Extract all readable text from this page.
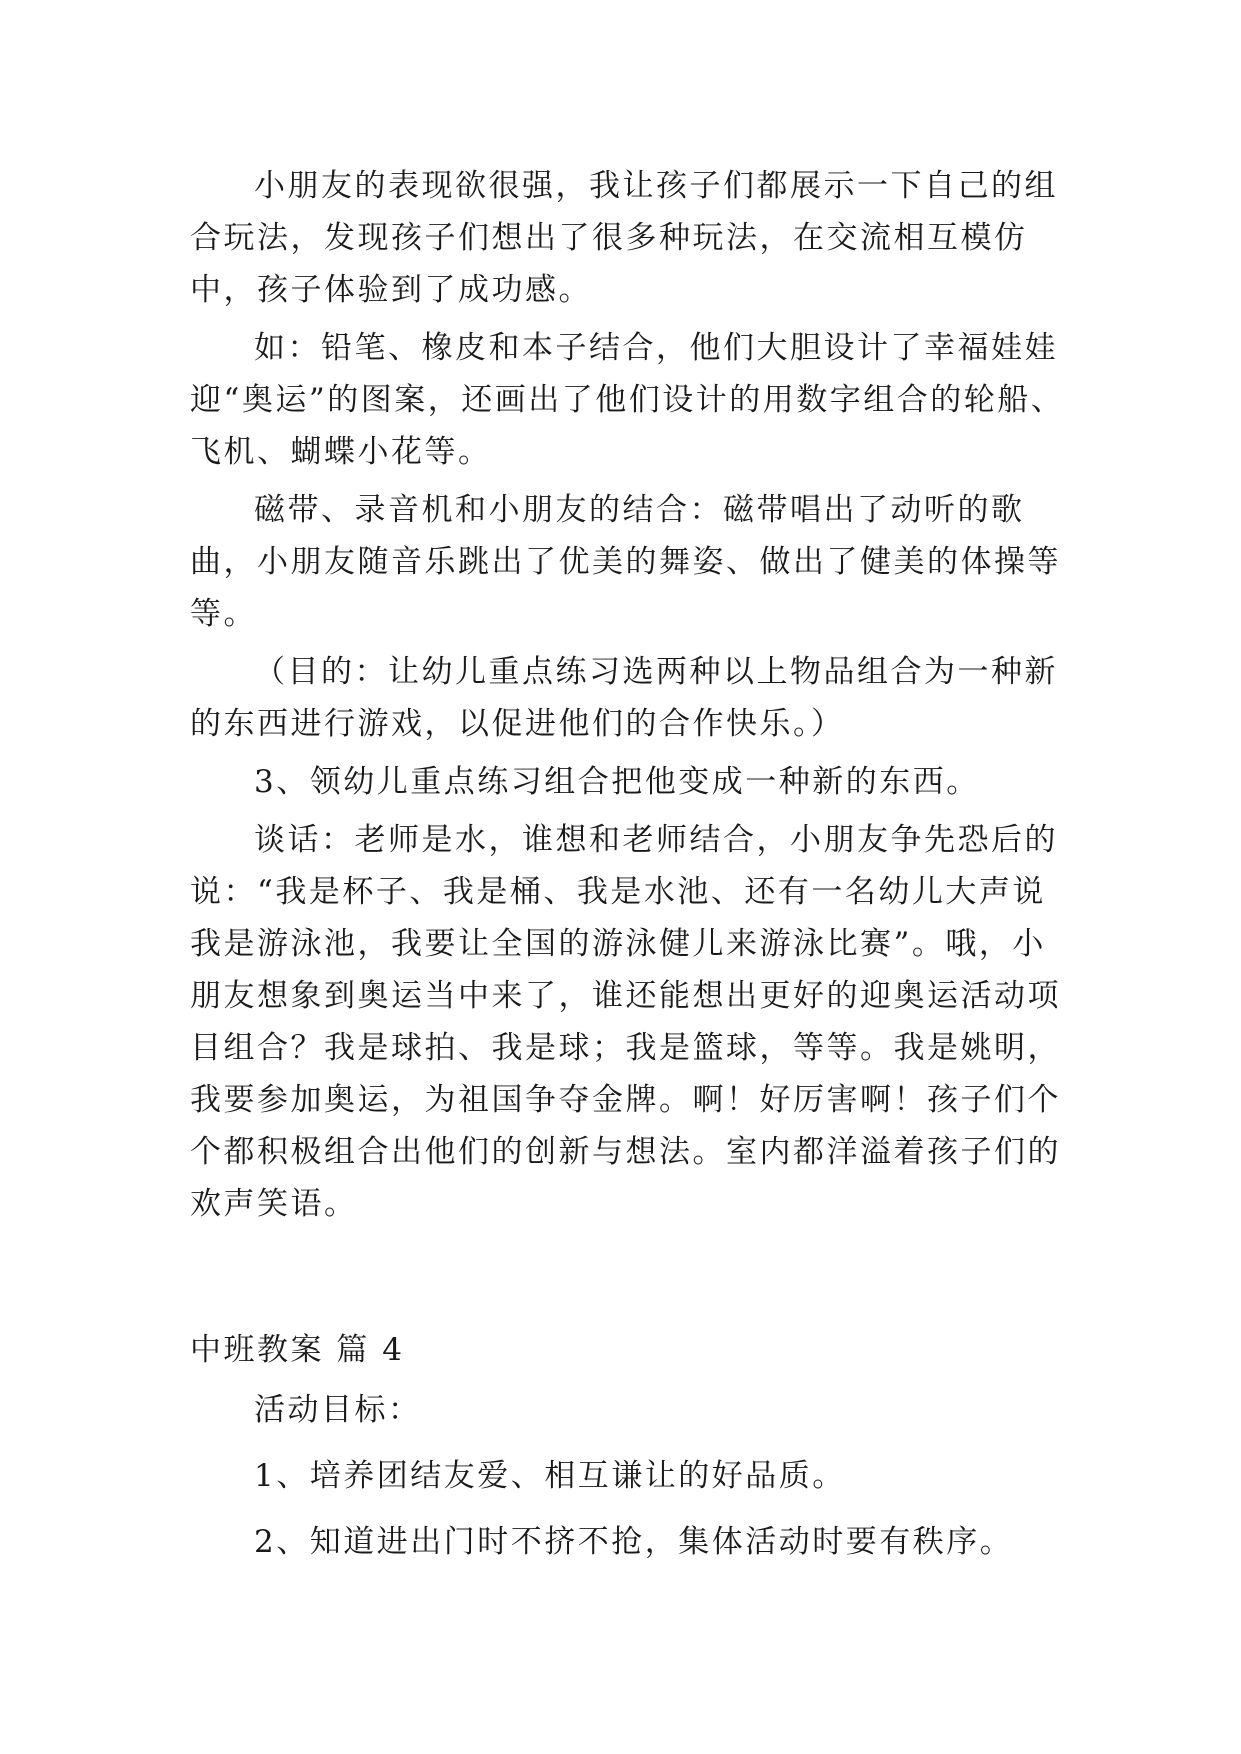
小朋友的表现欲很强，我让孩子们都展示一下自己的组合玩法，发现孩子们想出了很多种玩法，在交流相互模仿中，孩子体验到了成功感。

如：铅笔、橡皮和本子结合，他们大胆设计了幸福娃娃迎“奥运”的图案，还画出了他们设计的用数字组合的轮船、飞机、蝴蝶小花等。

磁带、录音机和小朋友的结合：磁带唱出了动听的歌曲，小朋友随音乐跳出了优美的舞姿、做出了健美的体操等等。

（目的：让幼儿重点练习选两种以上物品组合为一种新的东西进行游戏，以促进他们的合作快乐。）

3、领幼儿重点练习组合把他变成一种新的东西。

谈话：老师是水，谁想和老师结合，小朋友争先恐后的说：“我是杯子、我是桶、我是水池、还有一名幼儿大声说我是游泳池，我要让全国的游泳健儿来游泳比赛”。哦，小朋友想象到奥运当中来了，谁还能想出更好的迎奥运活动项目组合？我是球拍、我是球；我是篮球，等等。我是姚明，我要参加奥运，为祖国争夺金牌。啊！好厉害啊！孩子们个个都积极组合出他们的创新与想法。室内都洋溢着孩子们的欢声笑语。

中班教案 篇 4

活动目标：

1、培养团结友爱、相互谦让的好品质。

2、知道进出门时不挤不抢，集体活动时要有秩序。
